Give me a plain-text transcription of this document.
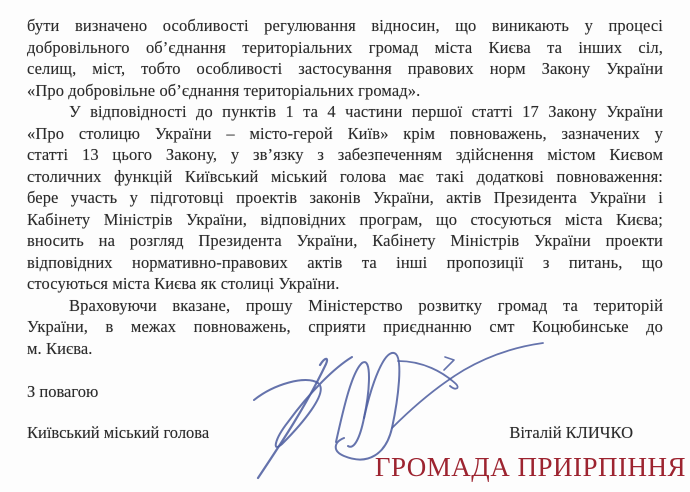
бути визначено особливості регулювання відносин, що виникають у процесі
добровільного об’єднання територіальних громад міста Києва та інших сіл,
селищ, міст, тобто особливості застосування правових норм Закону України
«Про добровільне об’єднання територіальних громад».
У відповідності до пунктів 1 та 4 частини першої статті 17 Закону України
«Про столицю України – місто-герой Київ» крім повноважень, зазначених у
статті 13 цього Закону, у зв’язку з забезпеченням здійснення містом Києвом
столичних функцій Київський міський голова має такі додаткові повноваження:
бере участь у підготовці проектів законів України, актів Президента України і
Кабінету Міністрів України, відповідних програм, що стосуються міста Києва;
вносить на розгляд Президента України, Кабінету Міністрів України проекти
відповідних нормативно-правових актів та інші пропозиції з питань, що
стосуються міста Києва як столиці України.
Враховуючи вказане, прошу Міністерство розвитку громад та територій
України, в межах повноважень, сприяти приєднанню смт Коцюбинське до
м. Києва.
З повагою
Київський міський голова	Віталій КЛИЧКО
ГРОМАДА ПРИІРПІННЯ
